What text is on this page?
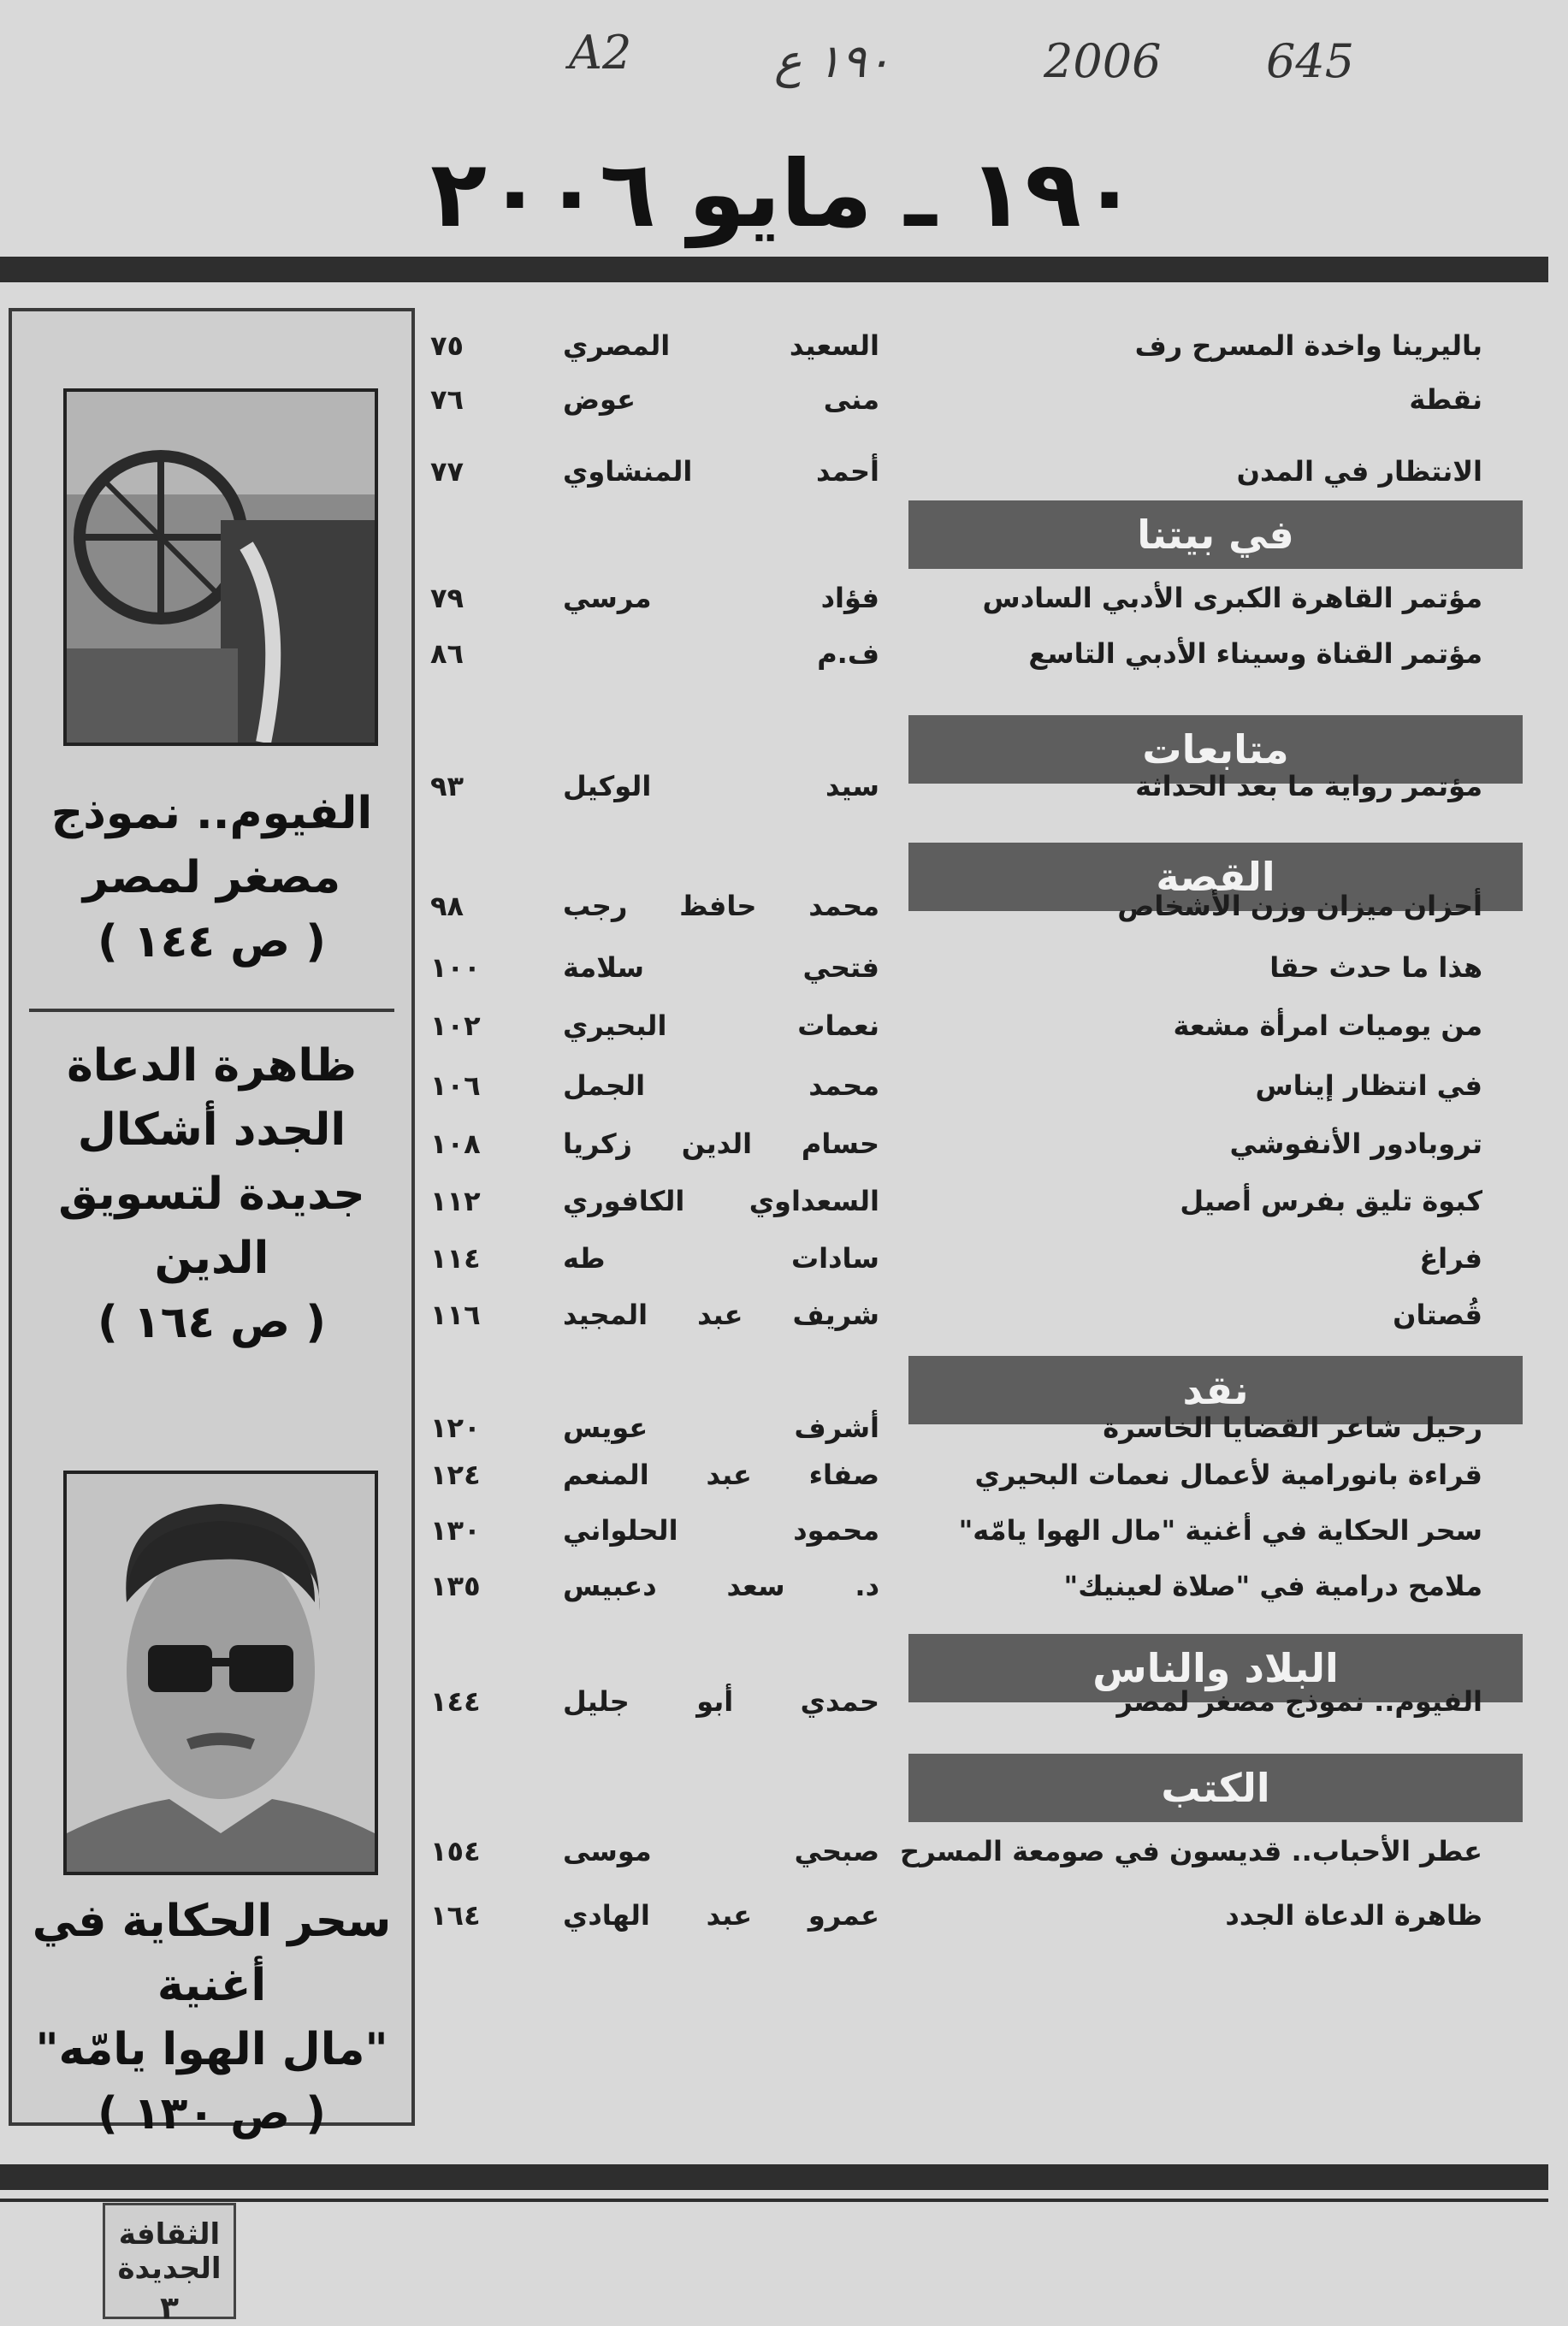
A2	١٩٠ ع	2006 645
١٩٠ ـ مايو ٢٠٠٦
الفيوم.. نموذج
مصغر لمصر

( ص ١٤٤ )
ظاهرة الدعاة
الجدد أشكال
جديدة لتسويق
الدين

( ص ١٦٤ )
سحر الحكاية في
أغنية
"مال الهوا يامّه"

( ص ١٣٠ )
باليرينا واخدة المسرح رف
السعيد المصري
٧٥
نقطة
منى عوض
٧٦
الانتظار في المدن
أحمد المنشاوي
٧٧
في بيتنا
مؤتمر القاهرة الكبرى الأدبي السادس
فؤاد مرسي
٧٩
مؤتمر القناة وسيناء الأدبي التاسع
ف.م
٨٦
متابعات
مؤتمر رواية ما بعد الحداثة
سيد الوكيل
٩٣
القصة
أحزان ميزان وزن الأشخاص
محمد حافظ رجب
٩٨
هذا ما حدث حقا
فتحي سلامة
١٠٠
من يوميات امرأة مشعة
نعمات البحيري
١٠٢
في انتظار إيناس
محمد الجمل
١٠٦
تروبادور الأنفوشي
حسام الدين زكريا
١٠٨
كبوة تليق بفرس أصيل
السعداوي الكافوري
١١٢
فراغ
سادات طه
١١٤
قُصتان
شريف عبد المجيد
١١٦
نقد
رحيل شاعر القضايا الخاسرة
أشرف عويس
١٢٠
قراءة بانورامية لأعمال نعمات البحيري
صفاء عبد المنعم
١٢٤
سحر الحكاية في أغنية "مال الهوا يامّه"
محمود الحلواني
١٣٠
ملامح درامية في "صلاة لعينيك"
د. سعد دعبيس
١٣٥
البلاد والناس
الفيوم.. نموذج مصغر لمصر
حمدي أبو جليل
١٤٤
الكتب
عطر الأحباب.. قديسون في صومعة المسرح
صبحي موسى
١٥٤
ظاهرة الدعاة الجدد
عمرو عبد الهادي
١٦٤
الثقافة الجديدة
٣
